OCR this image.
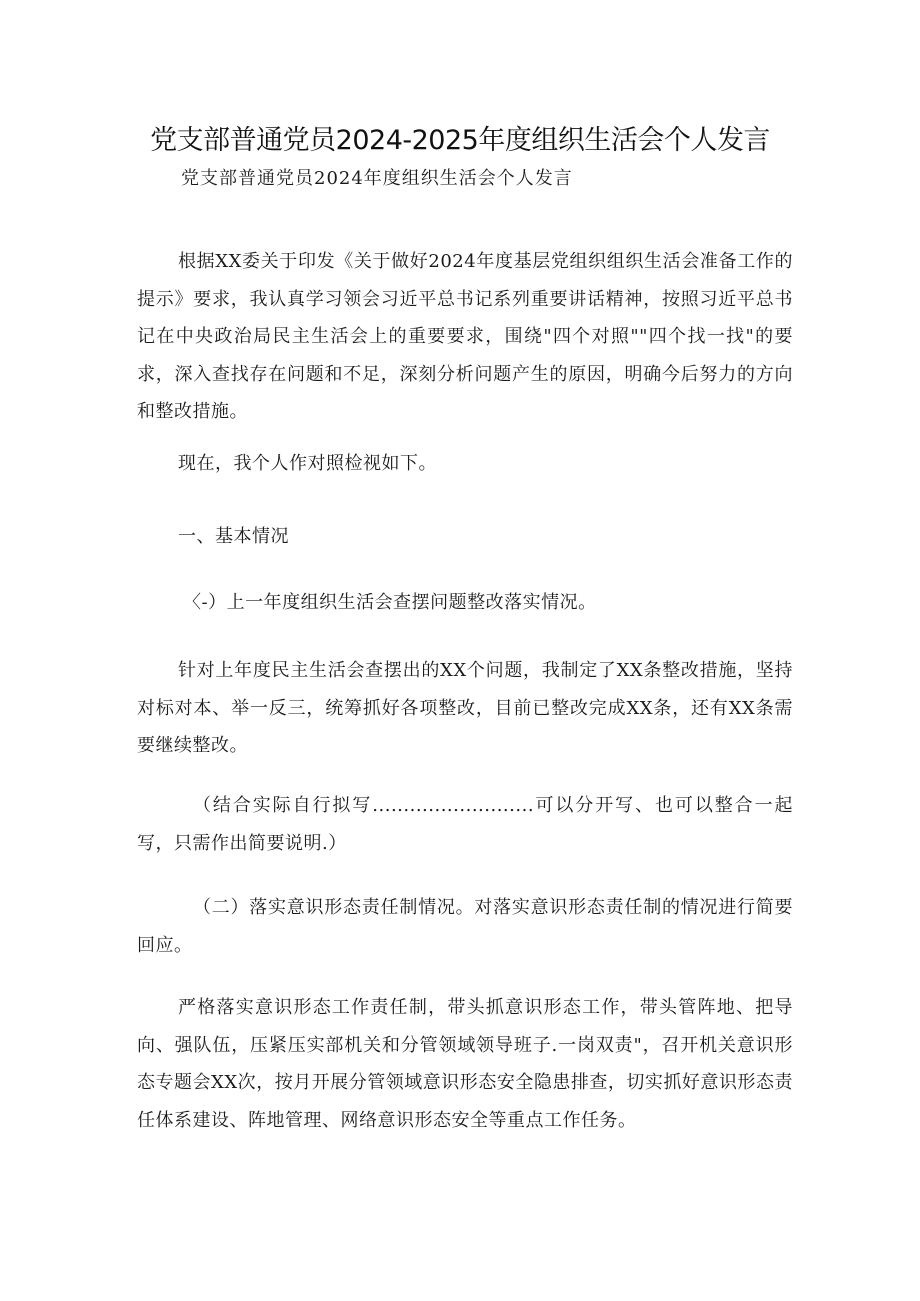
党支部普通党员2024-2025年度组织生活会个人发言
党支部普通党员2024年度组织生活会个人发言

根据XX委关于印发《关于做好2024年度基层党组织组织生活会准备工作的提示》要求，我认真学习领会习近平总书记系列重要讲话精神，按照习近平总书记在中央政治局民主生活会上的重要要求，围绕"四个对照""四个找一找"的要求，深入查找存在问题和不足，深刻分析问题产生的原因，明确今后努力的方向和整改措施。

现在，我个人作对照检视如下。

一、基本情况

〈-）上一年度组织生活会查摆问题整改落实情况。

针对上年度民主生活会查摆出的XX个问题，我制定了XX条整改措施，坚持对标对本、举一反三，统筹抓好各项整改，目前已整改完成XX条，还有XX条需要继续整改。

（结合实际自行拟写..........................可以分开写、也可以整合一起写，只需作出简要说明.）

（二）落实意识形态责任制情况。对落实意识形态责任制的情况进行简要回应。

严格落实意识形态工作责任制，带头抓意识形态工作，带头管阵地、把导向、强队伍，压紧压实部机关和分管领域领导班子.一岗双责"，召开机关意识形态专题会XX次，按月开展分管领域意识形态安全隐患排查，切实抓好意识形态责任体系建设、阵地管理、网络意识形态安全等重点工作任务。
